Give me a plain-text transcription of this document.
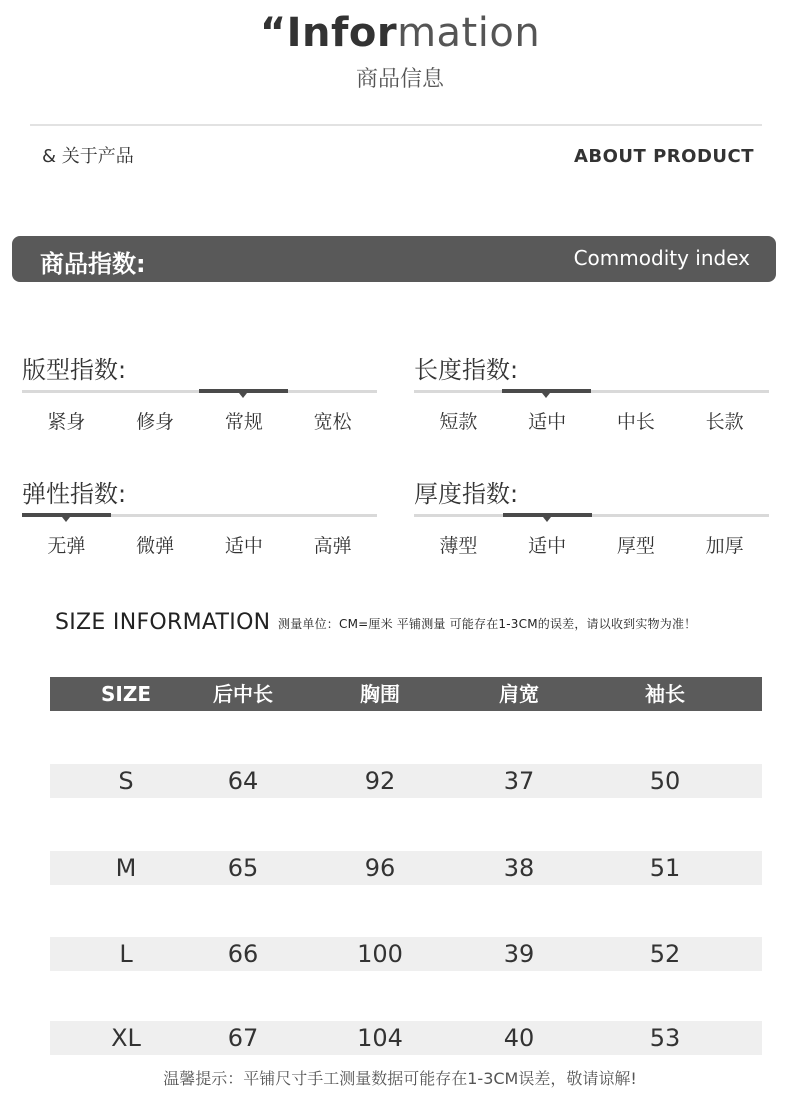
“Information
商品信息
& 关于产品	ABOUT PRODUCT
商品指数:	Commodity index
版型指数:
紧身	修身	常规	宽松
长度指数:
短款	适中	中长	长款
弹性指数:
无弹	微弹	适中	高弹
厚度指数:
薄型	适中	厚型	加厚
SIZE INFORMATION 测量单位：CM=厘米 平铺测量 可能存在1-3CM的误差，请以收到实物为准！
SIZE	后中长	胸围	肩宽	袖长
S	64	92	37	50
M	65	96	38	51
L	66	100	39	52
XL	67	104	40	53
温馨提示：平铺尺寸手工测量数据可能存在1-3CM误差，敬请谅解!
